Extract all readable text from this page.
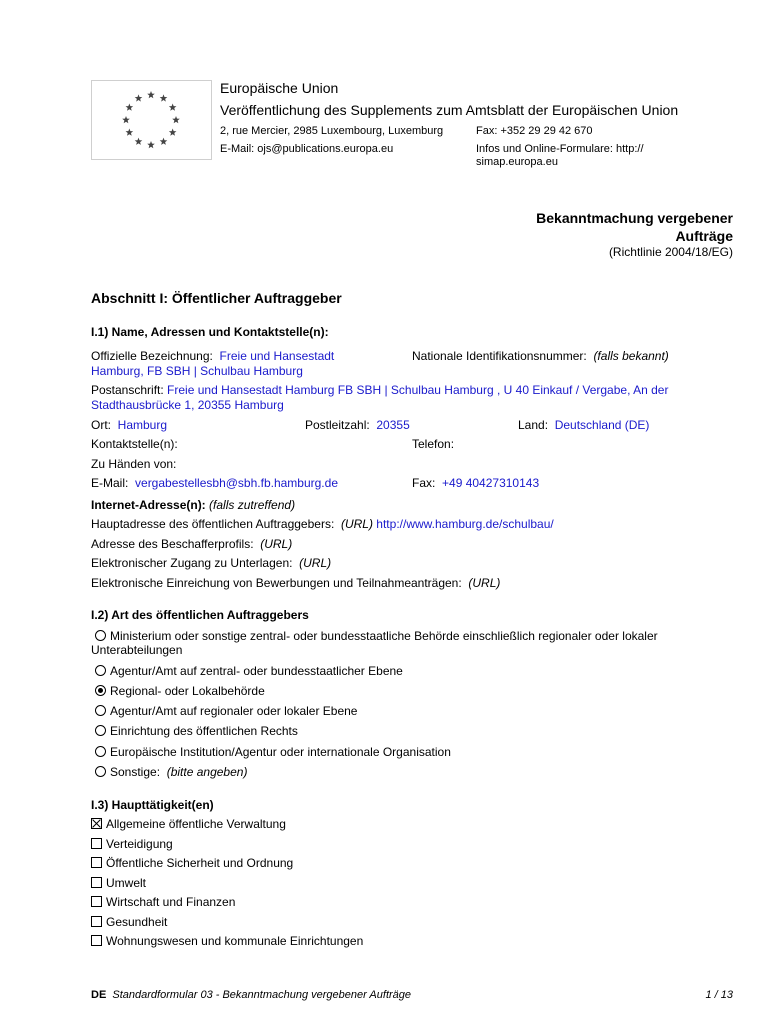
Europäische Union
Veröffentlichung des Supplements zum Amtsblatt der Europäischen Union
2, rue Mercier, 2985 Luxembourg, Luxemburg	Fax: +352 29 29 42 670
E-Mail: ojs@publications.europa.eu	Infos und Online-Formulare: http://
simap.europa.eu
Bekanntmachung vergebener
Aufträge
(Richtlinie 2004/18/EG)
Abschnitt I: Öffentlicher Auftraggeber
I.1) Name, Adressen und Kontaktstelle(n):
Offizielle Bezeichnung: Freie und Hansestadt
Hamburg, FB SBH | Schulbau Hamburg
Nationale Identifikationsnummer: (falls bekannt)
Postanschrift: Freie und Hansestadt Hamburg FB SBH | Schulbau Hamburg , U 40 Einkauf / Vergabe, An der
Stadthausbrücke 1, 20355 Hamburg
Ort: Hamburg	Postleitzahl: 20355	Land: Deutschland (DE)
Kontaktstelle(n):	Telefon:
Zu Händen von:
E-Mail: vergabestellesbh@sbh.fb.hamburg.de	Fax: +49 40427310143
Internet-Adresse(n): (falls zutreffend)
Hauptadresse des öffentlichen Auftraggebers: (URL) http://www.hamburg.de/schulbau/
Adresse des Beschafferprofils: (URL)
Elektronischer Zugang zu Unterlagen: (URL)
Elektronische Einreichung von Bewerbungen und Teilnahmeanträgen: (URL)
I.2) Art des öffentlichen Auftraggebers
Ministerium oder sonstige zentral- oder bundesstaatliche Behörde einschließlich regionaler oder lokaler
Unterabteilungen
Agentur/Amt auf zentral- oder bundesstaatlicher Ebene
Regional- oder Lokalbehörde
Agentur/Amt auf regionaler oder lokaler Ebene
Einrichtung des öffentlichen Rechts
Europäische Institution/Agentur oder internationale Organisation
Sonstige: (bitte angeben)
I.3) Haupttätigkeit(en)
Allgemeine öffentliche Verwaltung
Verteidigung
Öffentliche Sicherheit und Ordnung
Umwelt
Wirtschaft und Finanzen
Gesundheit
Wohnungswesen und kommunale Einrichtungen
DE Standardformular 03 - Bekanntmachung vergebener Aufträge	1 / 13
